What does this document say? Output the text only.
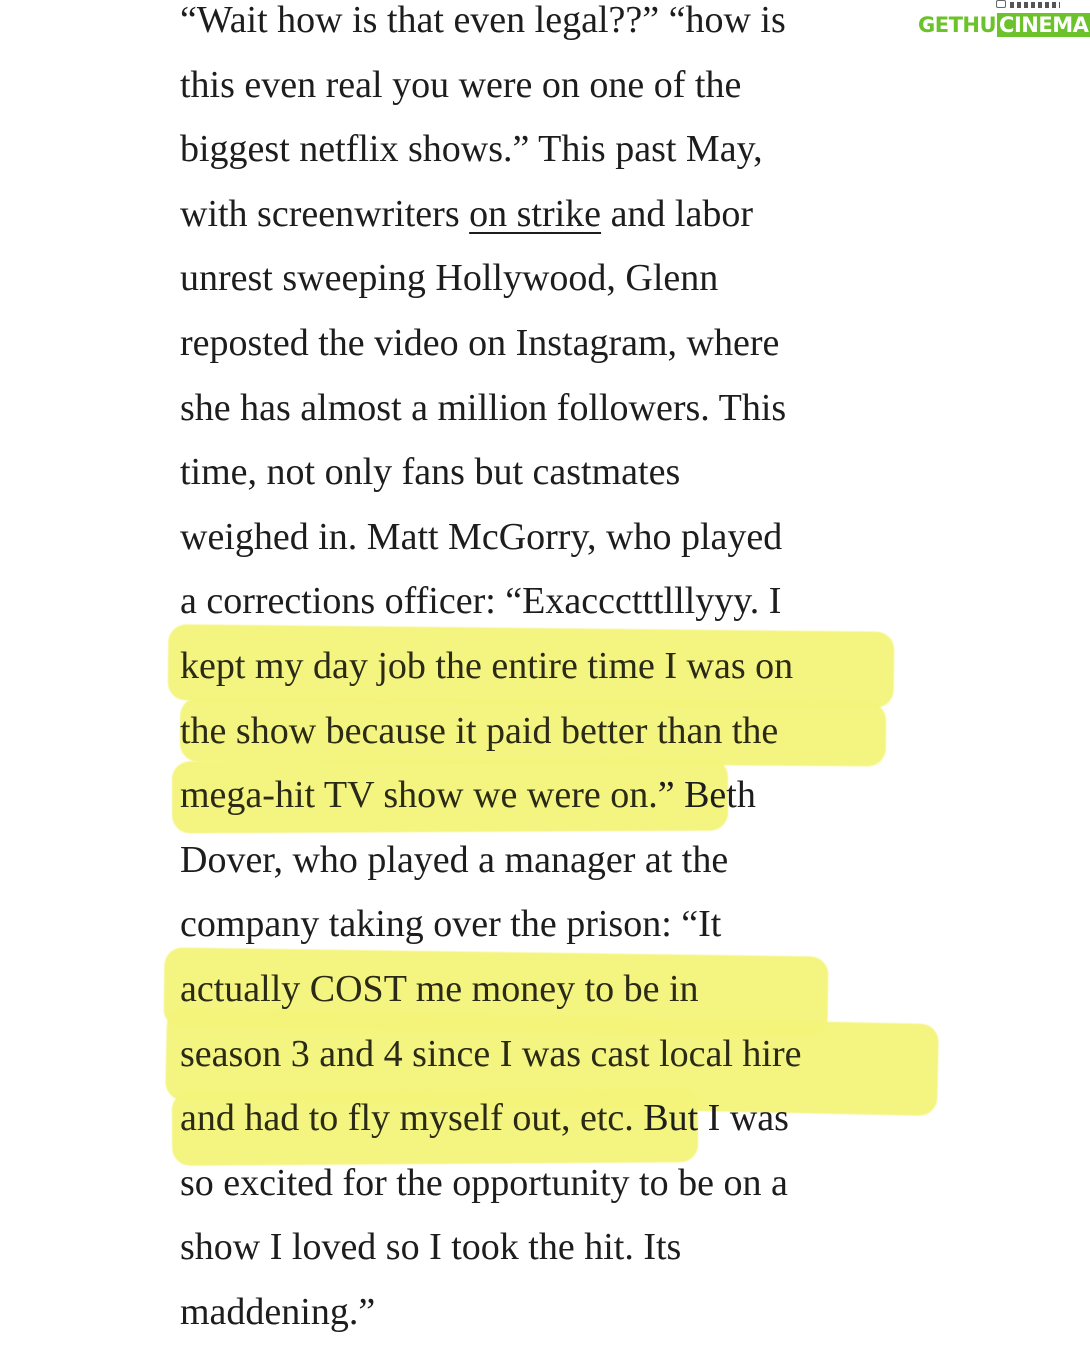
GETHU CINEMA
“Wait how is that even legal??” “how is
this even real you were on one of the
biggest netflix shows.” This past May,
with screenwriters on strike and labor
unrest sweeping Hollywood, Glenn
reposted the video on Instagram, where
she has almost a million followers. This
time, not only fans but castmates
weighed in. Matt McGorry, who played
a corrections officer: “Exaccctttlllyyy. I
kept my day job the entire time I was on
the show because it paid better than the
mega-hit TV show we were on.” Beth
Dover, who played a manager at the
company taking over the prison: “It
actually COST me money to be in
season 3 and 4 since I was cast local hire
and had to fly myself out, etc. But I was
so excited for the opportunity to be on a
show I loved so I took the hit. Its
maddening.”
